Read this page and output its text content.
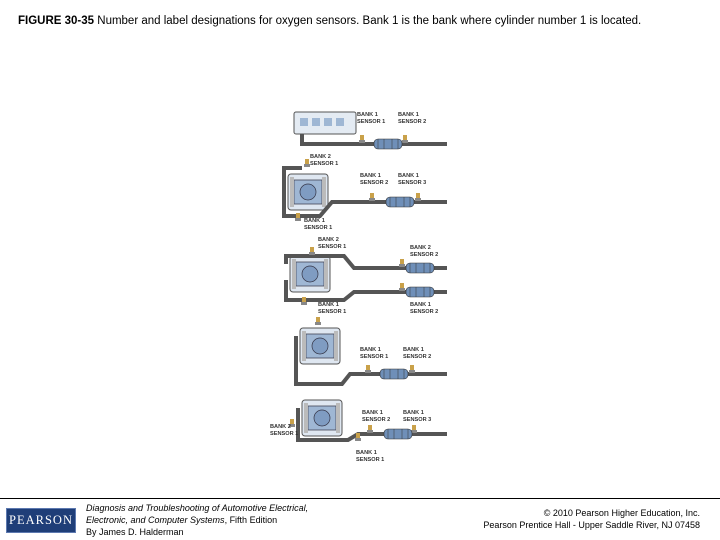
FIGURE 30-35 Number and label designations for oxygen sensors. Bank 1 is the bank where cylinder number 1 is located.
BANK 1
SENSOR 1
BANK 1
SENSOR 2
BANK 2
SENSOR 1
BANK 1
SENSOR 2
BANK 1
SENSOR 3
BANK 1
SENSOR 1
BANK 2
SENSOR 1	BANK 2
SENSOR 2
BANK 1
SENSOR 1
BANK 1
SENSOR 2
BANK 1
SENSOR 1
BANK 1
SENSOR 2
BANK 1
SENSOR 2
BANK 1
SENSOR 3
BANK 2
SENSOR 1
BANK 1
SENSOR 1
PEARSON
Diagnosis and Troubleshooting of Automotive Electrical,
Electronic, and Computer Systems, Fifth Edition
By James D. Halderman
© 2010 Pearson Higher Education, Inc.
Pearson Prentice Hall - Upper Saddle River, NJ 07458
